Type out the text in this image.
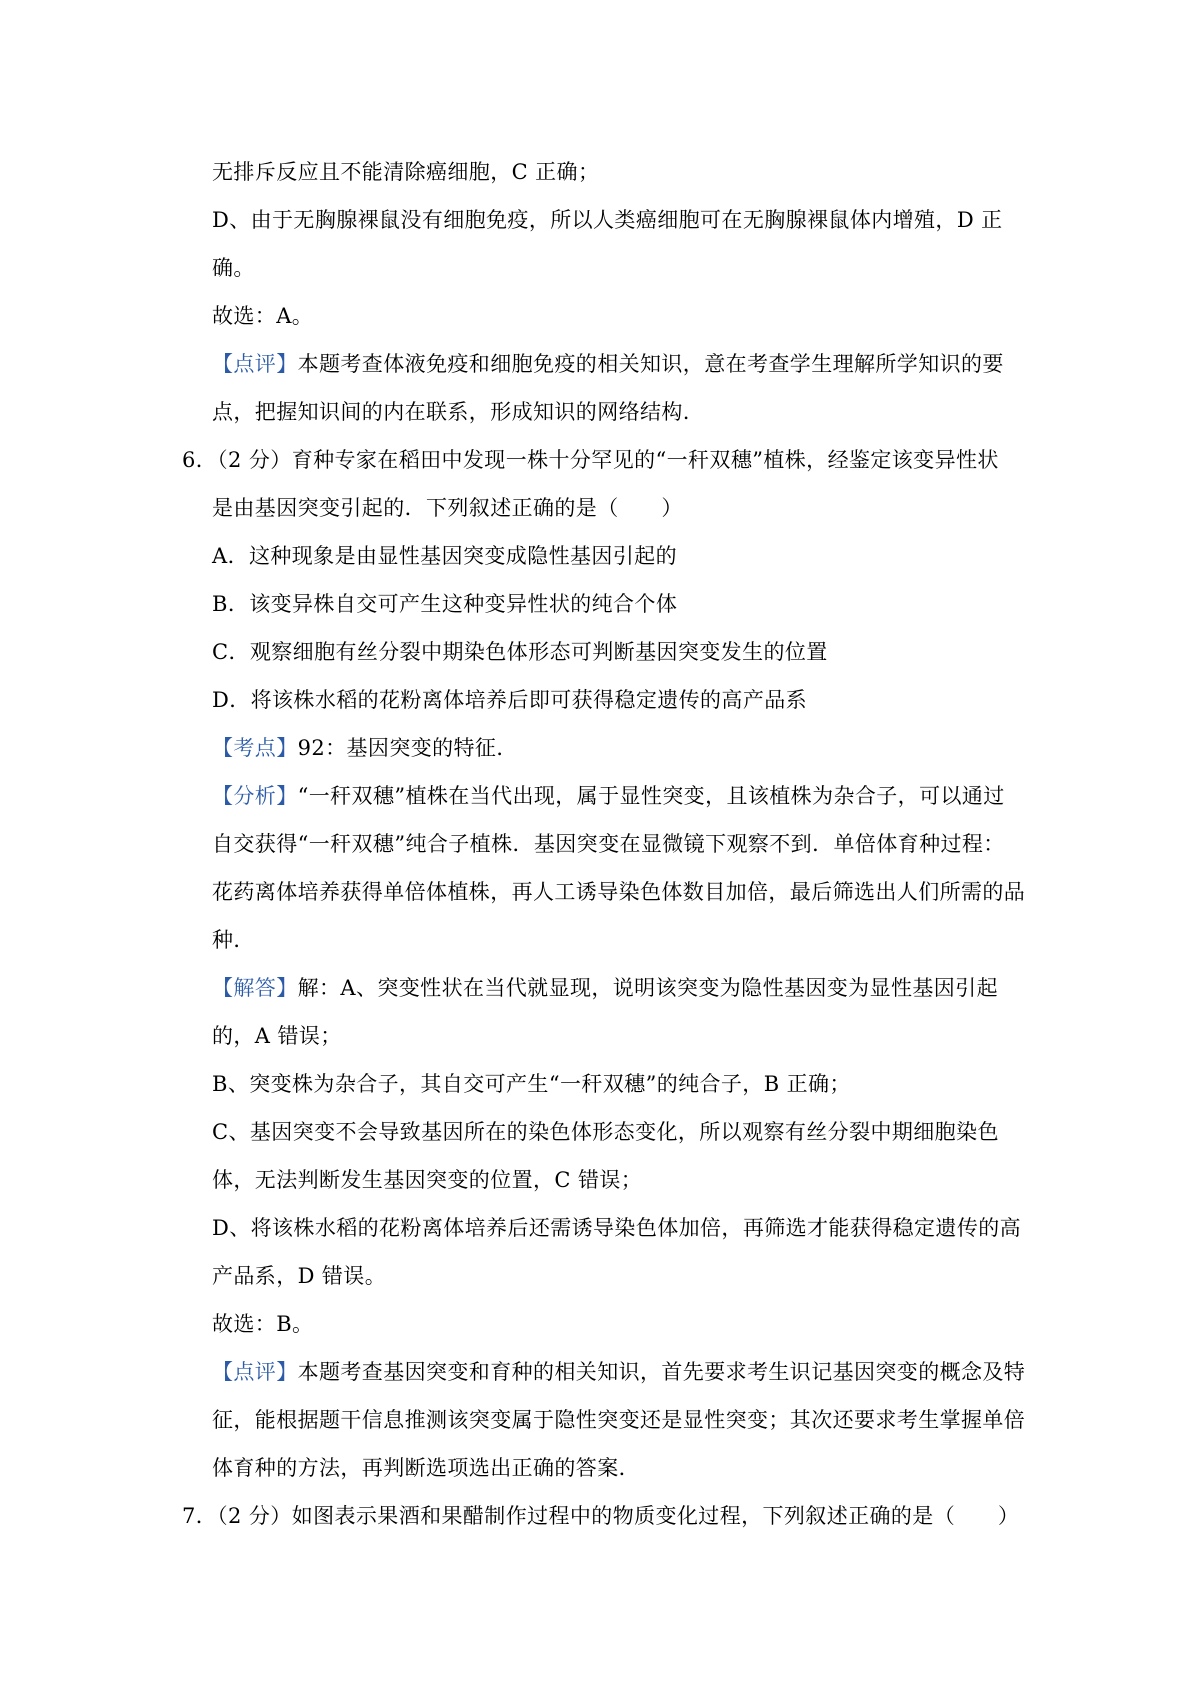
无排斥反应且不能清除癌细胞，C 正确；
D、由于无胸腺裸鼠没有细胞免疫，所以人类癌细胞可在无胸腺裸鼠体内增殖，D 正
确。
故选：A。
【点评】本题考查体液免疫和细胞免疫的相关知识，意在考查学生理解所学知识的要
点，把握知识间的内在联系，形成知识的网络结构.
6．（2 分）育种专家在稻田中发现一株十分罕见的“一秆双穗”植株，经鉴定该变异性状
是由基因突变引起的．下列叙述正确的是（　　）
A．这种现象是由显性基因突变成隐性基因引起的
B．该变异株自交可产生这种变异性状的纯合个体
C．观察细胞有丝分裂中期染色体形态可判断基因突变发生的位置
D．将该株水稻的花粉离体培养后即可获得稳定遗传的高产品系
【考点】92：基因突变的特征．
【分析】“一秆双穗”植株在当代出现，属于显性突变，且该植株为杂合子，可以通过
自交获得“一秆双穗”纯合子植株．基因突变在显微镜下观察不到．单倍体育种过程：
花药离体培养获得单倍体植株，再人工诱导染色体数目加倍，最后筛选出人们所需的品
种．
【解答】解：A、突变性状在当代就显现，说明该突变为隐性基因变为显性基因引起
的，A 错误；
B、突变株为杂合子，其自交可产生“一秆双穗”的纯合子，B 正确；
C、基因突变不会导致基因所在的染色体形态变化，所以观察有丝分裂中期细胞染色
体，无法判断发生基因突变的位置，C 错误；
D、将该株水稻的花粉离体培养后还需诱导染色体加倍，再筛选才能获得稳定遗传的高
产品系，D 错误。
故选：B。
【点评】本题考查基因突变和育种的相关知识，首先要求考生识记基因突变的概念及特
征，能根据题干信息推测该突变属于隐性突变还是显性突变；其次还要求考生掌握单倍
体育种的方法，再判断选项选出正确的答案．
7．（2 分）如图表示果酒和果醋制作过程中的物质变化过程，下列叙述正确的是（　　）
